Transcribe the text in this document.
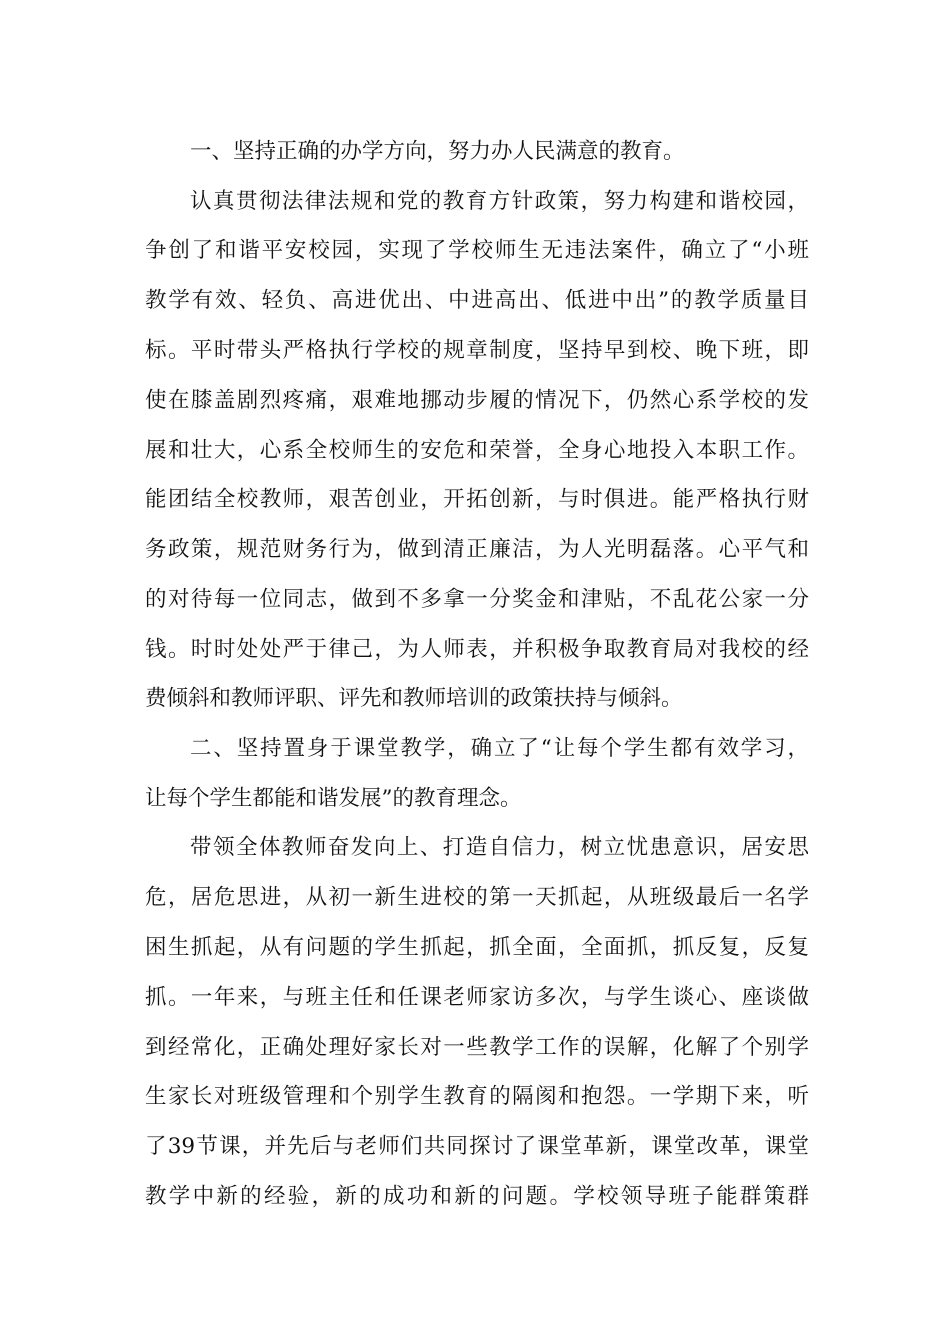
一、坚持正确的办学方向，努力办人民满意的教育。
认真贯彻法律法规和党的教育方针政策，努力构建和谐校园，
争创了和谐平安校园，实现了学校师生无违法案件，确立了“小班
教学有效、轻负、高进优出、中进高出、低进中出”的教学质量目
标。平时带头严格执行学校的规章制度，坚持早到校、晚下班，即
使在膝盖剧烈疼痛，艰难地挪动步履的情况下，仍然心系学校的发
展和壮大，心系全校师生的安危和荣誉，全身心地投入本职工作。
能团结全校教师，艰苦创业，开拓创新，与时俱进。能严格执行财
务政策，规范财务行为，做到清正廉洁，为人光明磊落。心平气和
的对待每一位同志，做到不多拿一分奖金和津贴，不乱花公家一分
钱。时时处处严于律己，为人师表，并积极争取教育局对我校的经
费倾斜和教师评职、评先和教师培训的政策扶持与倾斜。
二、坚持置身于课堂教学，确立了“让每个学生都有效学习，
让每个学生都能和谐发展”的教育理念。
带领全体教师奋发向上、打造自信力，树立忧患意识，居安思
危，居危思进，从初一新生进校的第一天抓起，从班级最后一名学
困生抓起，从有问题的学生抓起，抓全面，全面抓，抓反复，反复
抓。一年来，与班主任和任课老师家访多次，与学生谈心、座谈做
到经常化，正确处理好家长对一些教学工作的误解，化解了个别学
生家长对班级管理和个别学生教育的隔阂和抱怨。一学期下来，听
了39节课，并先后与老师们共同探讨了课堂革新，课堂改革，课堂
教学中新的经验，新的成功和新的问题。学校领导班子能群策群
